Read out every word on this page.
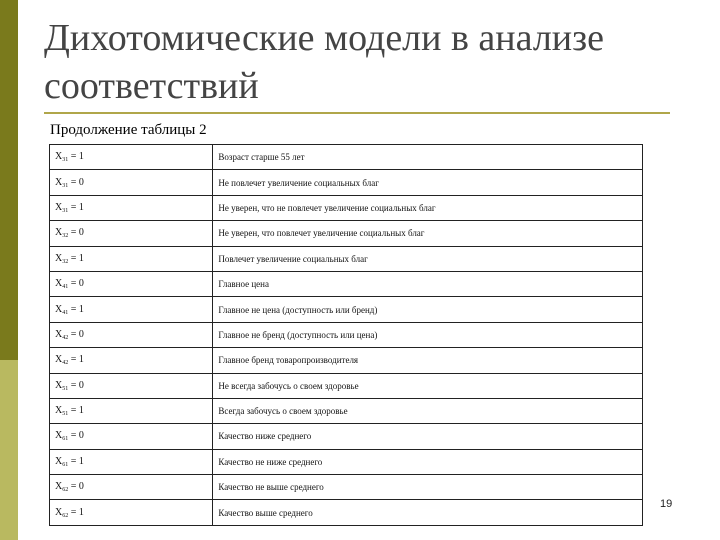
Дихотомические модели в анализе соответствий
Продолжение таблицы 2
$X_{31} = 1$	Возраст старше 55 лет
$X_{31} = 0$	Не повлечет увеличение социальных благ
$X_{31} = 1$	Не уверен, что не повлечет увеличение социальных благ
$X_{32} = 0$	Не уверен, что повлечет увеличение социальных благ
$X_{32} = 1$	Повлечет увеличение социальных благ
$X_{41} = 0$	Главное цена
$X_{41} = 1$	Главное не цена (доступность или бренд)
$X_{42} = 0$	Главное не бренд (доступность или цена)
$X_{42} = 1$	Главное бренд товаропроизводителя
$X_{51} = 0$	Не всегда забочусь о своем здоровье
$X_{51} = 1$	Всегда забочусь о своем здоровье
$X_{61} = 0$	Качество ниже среднего
$X_{61} = 1$	Качество не ниже среднего
$X_{62} = 0$	Качество не выше среднего
$X_{62} = 1$	Качество выше среднего
19
